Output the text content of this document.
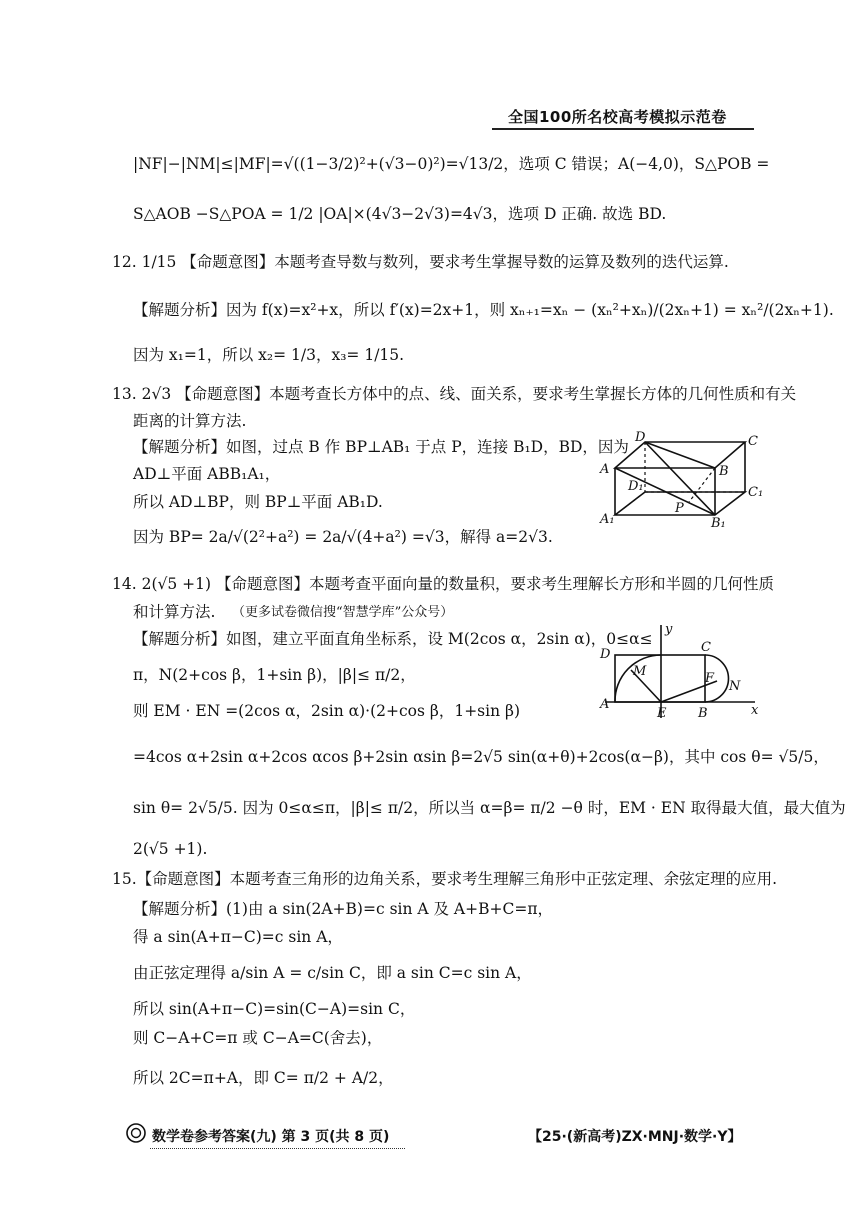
全国100所名校高考模拟示范卷
|NF|−|NM|≤|MF|=√((1−3/2)²+(√3−0)²)=√13/2，选项 C 错误；A(−4,0)，S△POB =
S△AOB −S△POA = 1/2 |OA|×(4√3−2√3)=4√3，选项 D 正确. 故选 BD.
12. 1/15 【命题意图】本题考查导数与数列，要求考生掌握导数的运算及数列的迭代运算.
【解题分析】因为 f(x)=x²+x，所以 f′(x)=2x+1，则 xₙ₊₁=xₙ − (xₙ²+xₙ)/(2xₙ+1) = xₙ²/(2xₙ+1).
因为 x₁=1，所以 x₂= 1/3，x₃= 1/15.
13. 2√3 【命题意图】本题考查长方体中的点、线、面关系，要求考生掌握长方体的几何性质和有关
距离的计算方法.
【解题分析】如图，过点 B 作 BP⊥AB₁ 于点 P，连接 B₁D，BD，因为
AD⊥平面 ABB₁A₁，
所以 AD⊥BP，则 BP⊥平面 AB₁D.
因为 BP= 2a/√(2²+a²) = 2a/√(4+a²) =√3，解得 a=2√3.
D	C
A	B
D₁	C₁
A₁
P
B₁
14. 2(√5 +1) 【命题意图】本题考查平面向量的数量积，要求考生理解长方形和半圆的几何性质
和计算方法. （更多试卷微信搜“智慧学库”公众号）
【解题分析】如图，建立平面直角坐标系，设 M(2cos α，2sin α)，0≤α≤
π，N(2+cos β，1+sin β)，|β|≤ π/2，
则 EM · EN =(2cos α，2sin α)·(2+cos β，1+sin β)
=4cos α+2sin α+2cos αcos β+2sin αsin β=2√5 sin(α+θ)+2cos(α−β)，其中 cos θ= √5/5，
sin θ= 2√5/5. 因为 0≤α≤π，|β|≤ π/2，所以当 α=β= π/2 −θ 时，EM · EN 取得最大值，最大值为
2(√5 +1).
y
D	C
M	F
N
A
E B	x
15.【命题意图】本题考查三角形的边角关系，要求考生理解三角形中正弦定理、余弦定理的应用.
【解题分析】(1)由 a sin(2A+B)=c sin A 及 A+B+C=π，
得 a sin(A+π−C)=c sin A，
由正弦定理得 a/sin A = c/sin C，即 a sin C=c sin A，
所以 sin(A+π−C)=sin(C−A)=sin C，
则 C−A+C=π 或 C−A=C(舍去)，
所以 2C=π+A，即 C= π/2 + A/2，
数学卷参考答案(九) 第 3 页(共 8 页)	【25·(新高考)ZX·MNJ·数学·Y】
